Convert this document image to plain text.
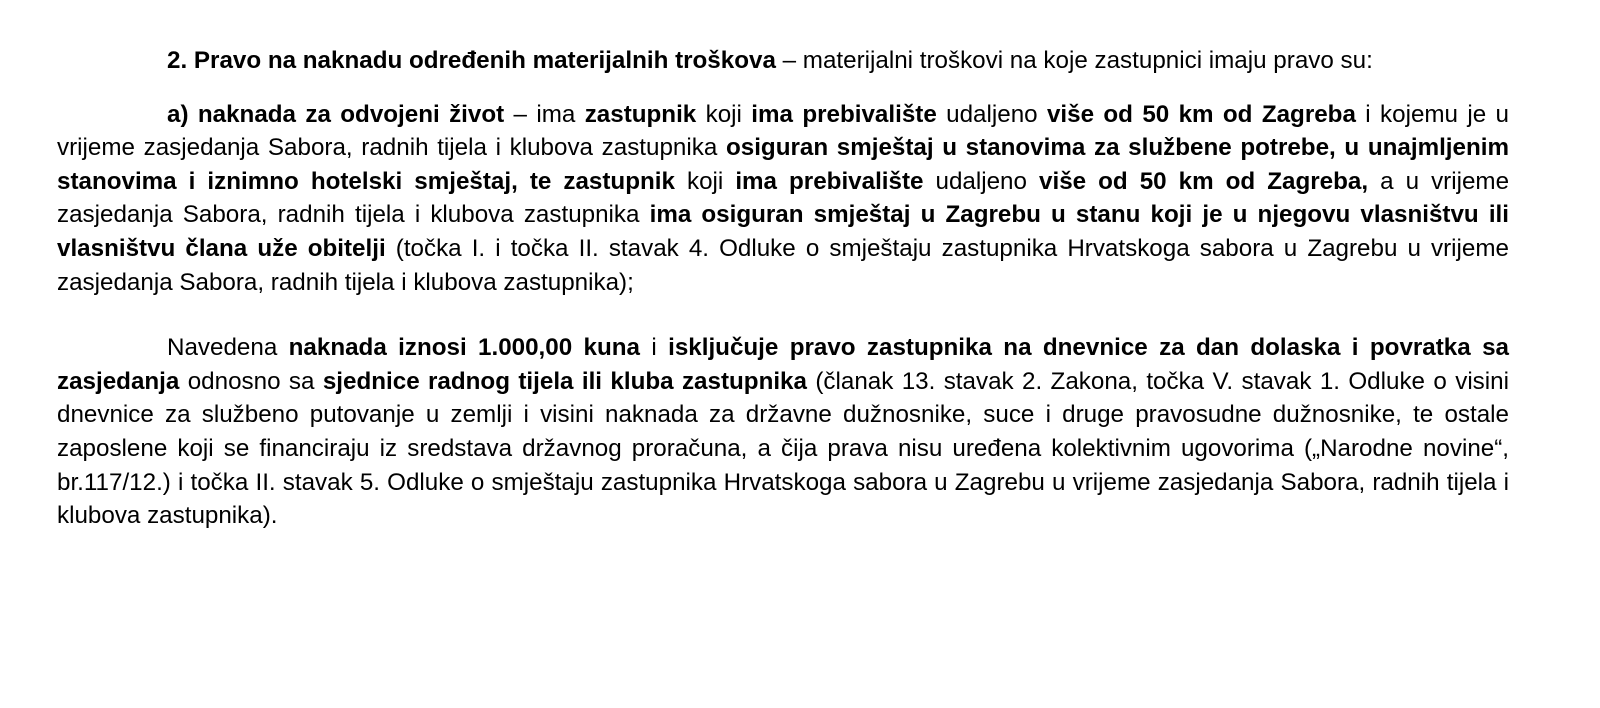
2. Pravo na naknadu određenih materijalnih troškova – materijalni troškovi na koje zastupnici imaju pravo su:

a) naknada za odvojeni život – ima zastupnik koji ima prebivalište udaljeno više od 50 km od Zagreba i kojemu je u vrijeme zasjedanja Sabora, radnih tijela i klubova zastupnika osiguran smještaj u stanovima za službene potrebe, u unajmljenim stanovima i iznimno hotelski smještaj, te zastupnik koji ima prebivalište udaljeno više od 50 km od Zagreba, a u vrijeme zasjedanja Sabora, radnih tijela i klubova zastupnika ima osiguran smještaj u Zagrebu u stanu koji je u njegovu vlasništvu ili vlasništvu člana uže obitelji (točka I. i točka II. stavak 4. Odluke o smještaju zastupnika Hrvatskoga sabora u Zagrebu u vrijeme zasjedanja Sabora, radnih tijela i klubova zastupnika);

Navedena naknada iznosi 1.000,00 kuna i isključuje pravo zastupnika na dnevnice za dan dolaska i povratka sa zasjedanja odnosno sa sjednice radnog tijela ili kluba zastupnika (članak 13. stavak 2. Zakona, točka V. stavak 1. Odluke o visini dnevnice za službeno putovanje u zemlji i visini naknada za državne dužnosnike, suce i druge pravosudne dužnosnike, te ostale zaposlene koji se financiraju iz sredstava državnog proračuna, a čija prava nisu uređena kolektivnim ugovorima („Narodne novine“, br.117/12.) i točka II. stavak 5. Odluke o smještaju zastupnika Hrvatskoga sabora u Zagrebu u vrijeme zasjedanja Sabora, radnih tijela i klubova zastupnika).
